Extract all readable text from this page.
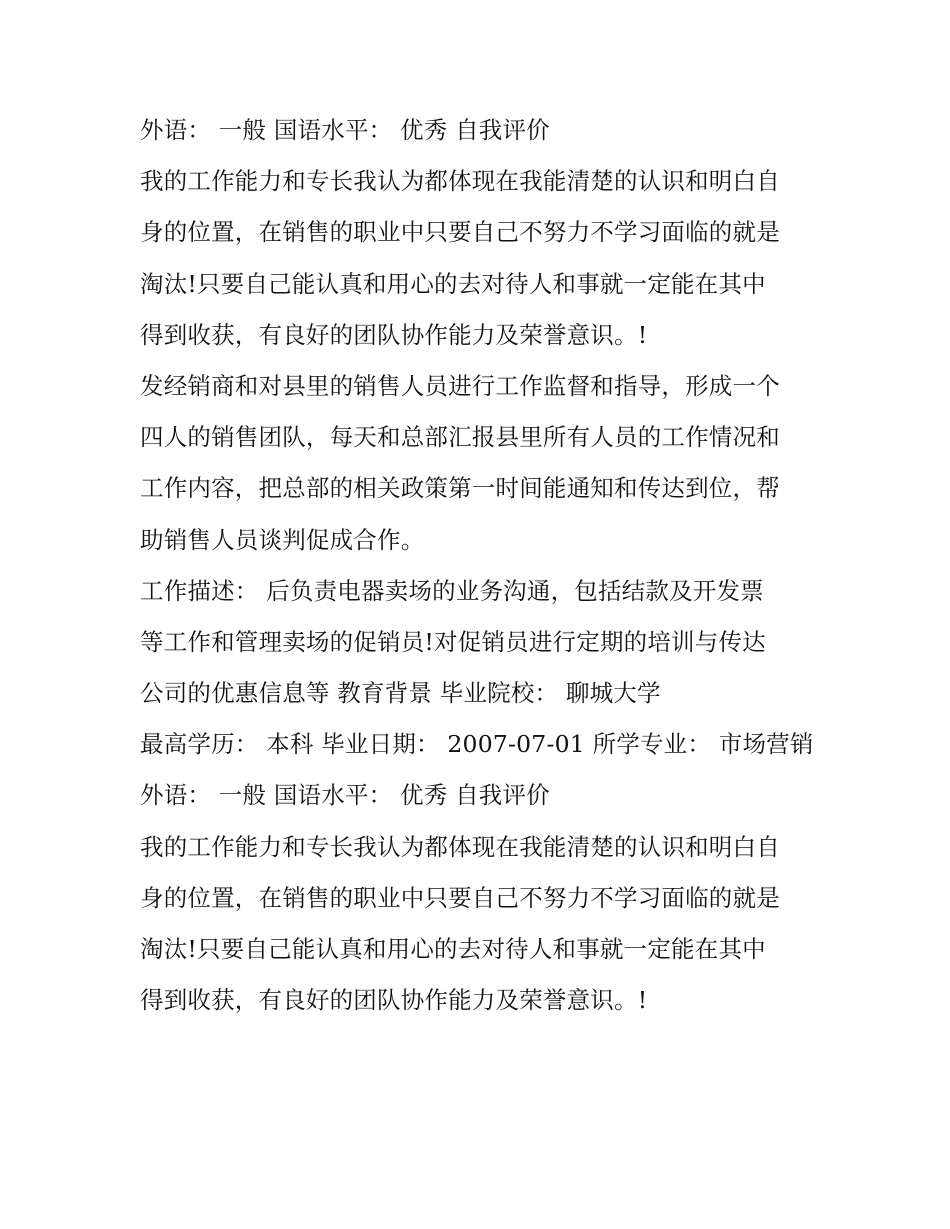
外语： 一般 国语水平： 优秀 自我评价
我的工作能力和专长我认为都体现在我能清楚的认识和明白自
身的位置，在销售的职业中只要自己不努力不学习面临的就是
淘汰!只要自己能认真和用心的去对待人和事就一定能在其中
得到收获，有良好的团队协作能力及荣誉意识。!
发经销商和对县里的销售人员进行工作监督和指导，形成一个
四人的销售团队，每天和总部汇报县里所有人员的工作情况和
工作内容，把总部的相关政策第一时间能通知和传达到位，帮
助销售人员谈判促成合作。
工作描述： 后负责电器卖场的业务沟通，包括结款及开发票
等工作和管理卖场的促销员!对促销员进行定期的培训与传达
公司的优惠信息等 教育背景 毕业院校： 聊城大学
最高学历： 本科 毕业日期： 2007-07-01 所学专业： 市场营销
外语： 一般 国语水平： 优秀 自我评价
我的工作能力和专长我认为都体现在我能清楚的认识和明白自
身的位置，在销售的职业中只要自己不努力不学习面临的就是
淘汰!只要自己能认真和用心的去对待人和事就一定能在其中
得到收获，有良好的团队协作能力及荣誉意识。!
